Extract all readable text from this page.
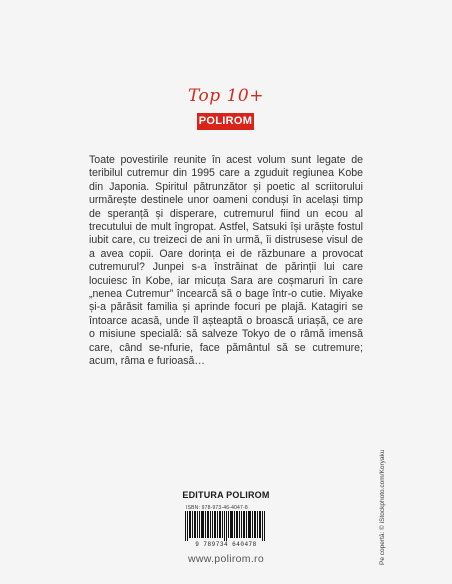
Top 10+
POLIROM
Toate povestirile reunite în acest volum sunt legate de teribilul cutremur din 1995 care a zguduit regiunea Kobe din Japonia. Spiritul pătrunzător și poetic al scriitorului urmărește destinele unor oameni conduși în același timp de speranță și disperare, cutremurul fiind un ecou al trecutului de mult îngropat. Astfel, Satsuki își urăște fostul iubit care, cu treizeci de ani în urmă, îi distrusese visul de a avea copii. Oare dorința ei de răzbunare a provocat cutremurul? Junpei s-a înstrăinat de părinții lui care locuiesc în Kobe, iar micuța Sara are coșmaruri în care „nenea Cutremur” încearcă să o bage într-o cutie. Miyake și-a părăsit familia și aprinde focuri pe plajă. Katagiri se întoarce acasă, unde îl așteaptă o broască uriașă, ce are o misiune specială: să salveze Tokyo de o râmă imensă care, când se-nfurie, face pământul să se cutremure; acum, râma e furioasă…
EDITURA POLIROM
ISBN: 978-973-46-4047-8
9 789734 640478
www.polirom.ro	Pe copertă: © iStockphoto.com/Koryaku
